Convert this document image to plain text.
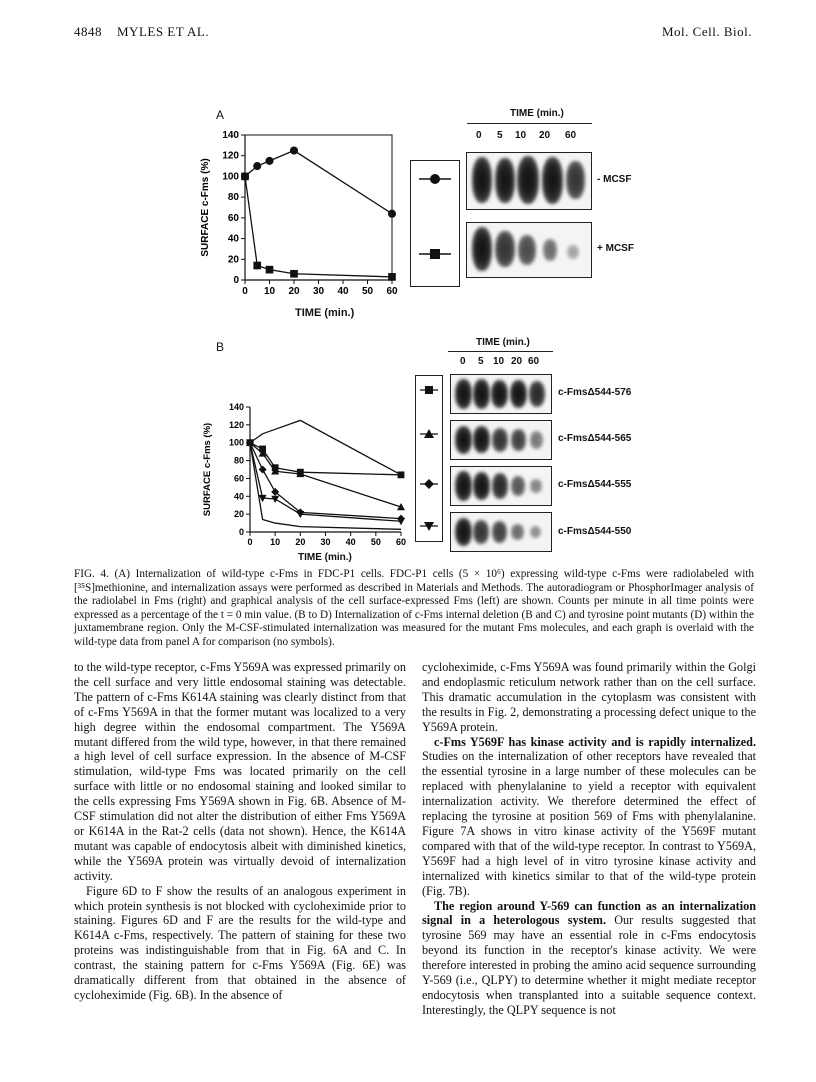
4848 MYLES ET AL.	Mol. Cell. Biol.
A
0
20
40
60
80
100
120
140
0 10 20 30 40 50 60
SURFACE c-Fms (%)
TIME (min.)
TIME (min.)
0 5 10 20 60
- MCSF
+ MCSF
B
0
20
40
60
80
100
120
140
0 10 20 30 40 50 60
SURFACE c-Fms (%)
TIME (min.)
TIME (min.)
0 5 10 20 60
c-FmsΔ544-576
c-FmsΔ544-565
c-FmsΔ544-555
c-FmsΔ544-550
FIG. 4. (A) Internalization of wild-type c-Fms in FDC-P1 cells. FDC-P1 cells (5 × 10⁶) expressing wild-type c-Fms were radiolabeled with [³⁵S]methionine, and internalization assays were performed as described in Materials and Methods. The autoradiogram or PhosphorImager analysis of the radiolabel in Fms (right) and graphical analysis of the cell surface-expressed Fms (left) are shown. Counts per minute in all time points were expressed as a percentage of the t = 0 min value. (B to D) Internalization of c-Fms internal deletion (B and C) and tyrosine point mutants (D) within the juxtamembrane region. Only the M-CSF-stimulated internalization was measured for the mutant Fms molecules, and each graph is overlaid with the wild-type data from panel A for comparison (no symbols).

to the wild-type receptor, c-Fms Y569A was expressed primarily on the cell surface and very little endosomal staining was detectable. The pattern of c-Fms K614A staining was clearly distinct from that of c-Fms Y569A in that the former mutant was localized to a very high degree within the endosomal compartment. The Y569A mutant differed from the wild type, however, in that there remained a high level of cell surface expression. In the absence of M-CSF stimulation, wild-type Fms was located primarily on the cell surface with little or no endosomal staining and looked similar to the cells expressing Fms Y569A shown in Fig. 6B. Absence of M-CSF stimulation did not alter the distribution of either Fms Y569A or K614A in the Rat-2 cells (data not shown). Hence, the K614A mutant was capable of endocytosis albeit with diminished kinetics, while the Y569A protein was virtually devoid of internalization activity.

Figure 6D to F show the results of an analogous experiment in which protein synthesis is not blocked with cycloheximide prior to staining. Figures 6D and F are the results for the wild-type and K614A c-Fms, respectively. The pattern of staining for these two proteins was indistinguishable from that in Fig. 6A and C. In contrast, the staining pattern for c-Fms Y569A (Fig. 6E) was dramatically different from that obtained in the absence of cycloheximide (Fig. 6B). In the absence of

cycloheximide, c-Fms Y569A was found primarily within the Golgi and endoplasmic reticulum network rather than on the cell surface. This dramatic accumulation in the cytoplasm was consistent with the results in Fig. 2, demonstrating a processing defect unique to the Y569A protein.

c-Fms Y569F has kinase activity and is rapidly internalized. Studies on the internalization of other receptors have revealed that the essential tyrosine in a large number of these molecules can be replaced with phenylalanine to yield a receptor with equivalent internalization activity. We therefore determined the effect of replacing the tyrosine at position 569 of Fms with phenylalanine. Figure 7A shows in vitro kinase activity of the Y569F mutant compared with that of the wild-type receptor. In contrast to Y569A, Y569F had a high level of in vitro tyrosine kinase activity and internalized with kinetics similar to that of the wild-type protein (Fig. 7B).

The region around Y-569 can function as an internalization signal in a heterologous system. Our results suggested that tyrosine 569 may have an essential role in c-Fms endocytosis beyond its function in the receptor's kinase activity. We were therefore interested in probing the amino acid sequence surrounding Y-569 (i.e., QLPY) to determine whether it might mediate receptor endocytosis when transplanted into a suitable sequence context. Interestingly, the QLPY sequence is not
